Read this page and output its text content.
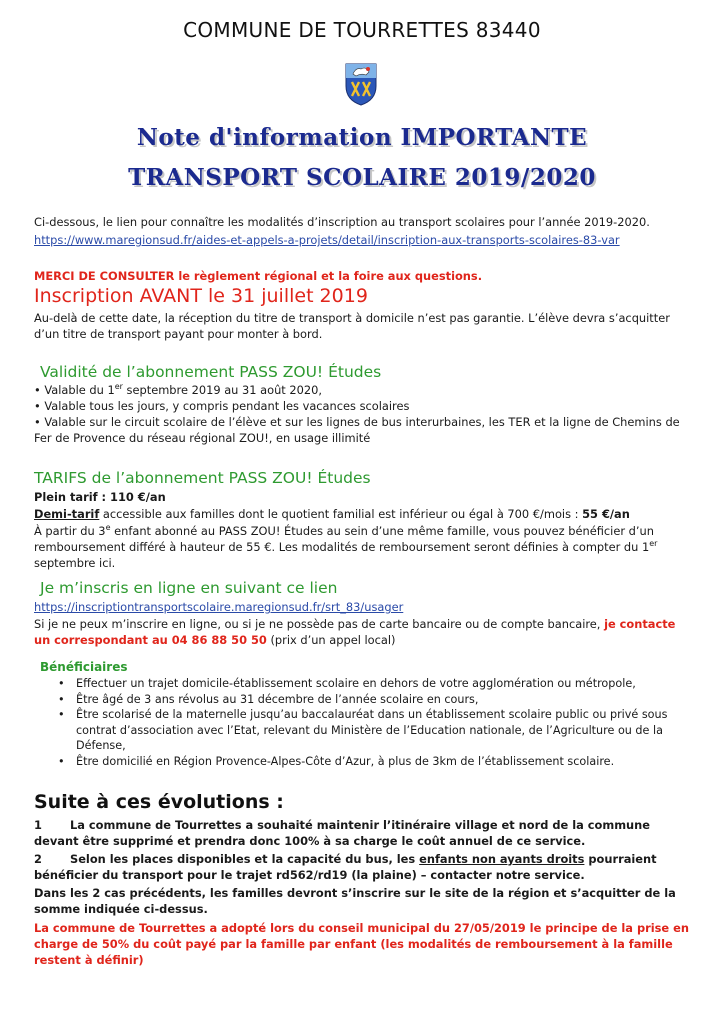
COMMUNE DE TOURRETTES 83440
Note d'information IMPORTANTE
TRANSPORT SCOLAIRE 2019/2020
Ci-dessous, le lien pour connaître les modalités d’inscription au transport scolaires pour l’année 2019-2020.
https://www.maregionsud.fr/aides-et-appels-a-projets/detail/inscription-aux-transports-scolaires-83-var
MERCI DE CONSULTER le règlement régional et la foire aux questions.
Inscription AVANT le 31 juillet 2019
Au-delà de cette date, la réception du titre de transport à domicile n’est pas garantie. L’élève devra s’acquitter d’un titre de transport payant pour monter à bord.
Validité de l’abonnement PASS ZOU! Études
• Valable du 1er septembre 2019 au 31 août 2020,
• Valable tous les jours, y compris pendant les vacances scolaires
• Valable sur le circuit scolaire de l’élève et sur les lignes de bus interurbaines, les TER et la ligne de Chemins de Fer de Provence du réseau régional ZOU!, en usage illimité
TARIFS de l’abonnement PASS ZOU! Études
Plein tarif : 110 €/an
Demi-tarif accessible aux familles dont le quotient familial est inférieur ou égal à 700 €/mois : 55 €/an
À partir du 3e enfant abonné au PASS ZOU! Études au sein d’une même famille, vous pouvez bénéficier d’un remboursement différé à hauteur de 55 €. Les modalités de remboursement seront définies à compter du 1er septembre ici.
Je m’inscris en ligne en suivant ce lien
https://inscriptiontransportscolaire.maregionsud.fr/srt_83/usager
Si je ne peux m’inscrire en ligne, ou si je ne possède pas de carte bancaire ou de compte bancaire, je contacte un correspondant au 04 86 88 50 50 (prix d’un appel local)
Bénéficiaires
• Effectuer un trajet domicile-établissement scolaire en dehors de votre agglomération ou métropole,
• Être âgé de 3 ans révolus au 31 décembre de l’année scolaire en cours,
• Être scolarisé de la maternelle jusqu’au baccalauréat dans un établissement scolaire public ou privé sous contrat d’association avec l’Etat, relevant du Ministère de l’Education nationale, de l’Agriculture ou de la Défense,
• Être domicilié en Région Provence-Alpes-Côte d’Azur, à plus de 3km de l’établissement scolaire.
Suite à ces évolutions :
1 La commune de Tourrettes a souhaité maintenir l’itinéraire village et nord de la commune devant être supprimé et prendra donc 100% à sa charge le coût annuel de ce service.
2 Selon les places disponibles et la capacité du bus, les enfants non ayants droits pourraient bénéficier du transport pour le trajet rd562/rd19 (la plaine) – contacter notre service.
Dans les 2 cas précédents, les familles devront s’inscrire sur le site de la région et s’acquitter de la somme indiquée ci-dessus.
La commune de Tourrettes a adopté lors du conseil municipal du 27/05/2019 le principe de la prise en charge de 50% du coût payé par la famille par enfant (les modalités de remboursement à la famille restent à définir)
